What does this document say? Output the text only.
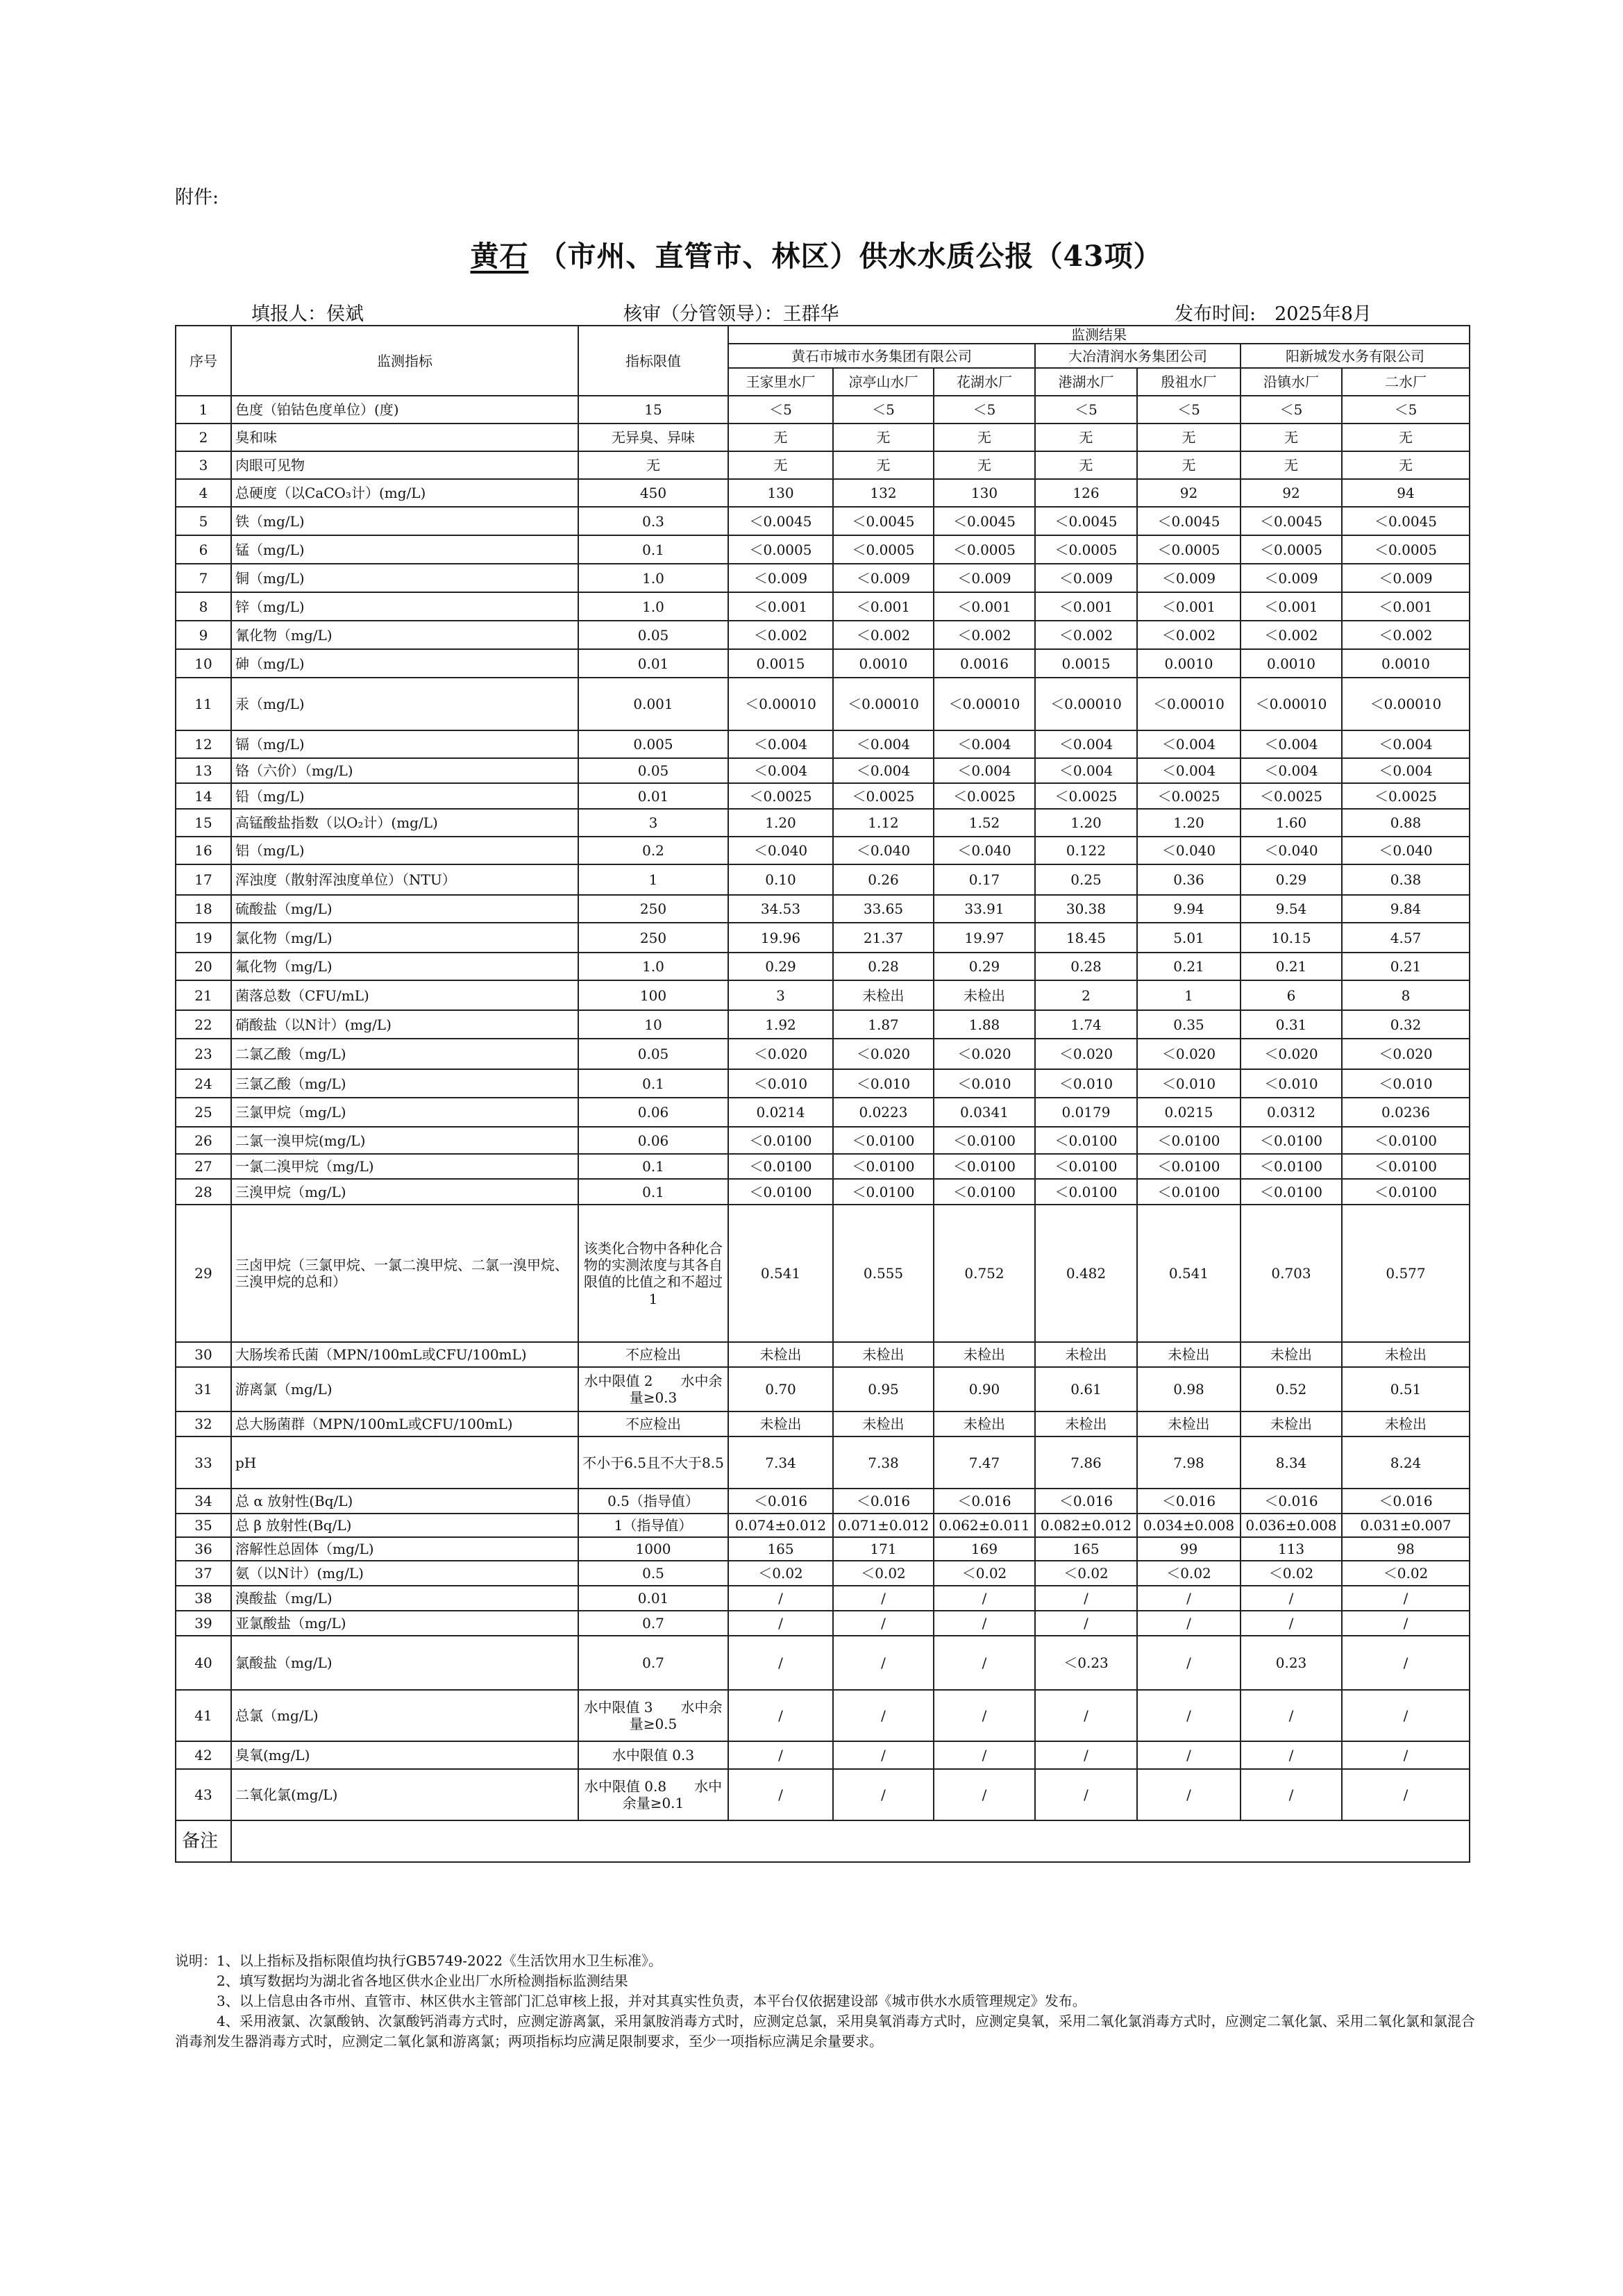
附件:
黄石 （市州、直管市、林区）供水水质公报（43项）
填报人：侯斌	核审（分管领导）：王群华	发布时间:　2025年8月
序号	监测指标	指标限值	监测结果						
			黄石市城市水务集团有限公司			大冶清润水务集团公司		阳新城发水务有限公司	
			王家里水厂	凉亭山水厂	花湖水厂	港湖水厂	殷祖水厂	沿镇水厂	二水厂
1	色度（铂钴色度单位）(度)	15	＜5	＜5	＜5	＜5	＜5	＜5	＜5
2	臭和味	无异臭、异味	无	无	无	无	无	无	无
3	肉眼可见物	无	无	无	无	无	无	无	无
4	总硬度（以CaCO₃计）(mg/L)	450	130	132	130	126	92	92	94
5	铁（mg/L)	0.3	＜0.0045	＜0.0045	＜0.0045	＜0.0045	＜0.0045	＜0.0045	＜0.0045
6	锰（mg/L)	0.1	＜0.0005	＜0.0005	＜0.0005	＜0.0005	＜0.0005	＜0.0005	＜0.0005
7	铜（mg/L)	1.0	＜0.009	＜0.009	＜0.009	＜0.009	＜0.009	＜0.009	＜0.009
8	锌（mg/L)	1.0	＜0.001	＜0.001	＜0.001	＜0.001	＜0.001	＜0.001	＜0.001
9	氰化物（mg/L)	0.05	＜0.002	＜0.002	＜0.002	＜0.002	＜0.002	＜0.002	＜0.002
10	砷（mg/L)	0.01	0.0015	0.0010	0.0016	0.0015	0.0010	0.0010	0.0010
11	汞（mg/L)	0.001	＜0.00010	＜0.00010	＜0.00010	＜0.00010	＜0.00010	＜0.00010	＜0.00010
12	镉（mg/L)	0.005	＜0.004	＜0.004	＜0.004	＜0.004	＜0.004	＜0.004	＜0.004
13	铬（六价）（mg/L)	0.05	＜0.004	＜0.004	＜0.004	＜0.004	＜0.004	＜0.004	＜0.004
14	铅（mg/L)	0.01	＜0.0025	＜0.0025	＜0.0025	＜0.0025	＜0.0025	＜0.0025	＜0.0025
15	高锰酸盐指数（以O₂计）(mg/L)	3	1.20	1.12	1.52	1.20	1.20	1.60	0.88
16	铝（mg/L)	0.2	＜0.040	＜0.040	＜0.040	0.122	＜0.040	＜0.040	＜0.040
17	浑浊度（散射浑浊度单位）（NTU）	1	0.10	0.26	0.17	0.25	0.36	0.29	0.38
18	硫酸盐（mg/L)	250	34.53	33.65	33.91	30.38	9.94	9.54	9.84
19	氯化物（mg/L)	250	19.96	21.37	19.97	18.45	5.01	10.15	4.57
20	氟化物（mg/L)	1.0	0.29	0.28	0.29	0.28	0.21	0.21	0.21
21	菌落总数（CFU/mL)	100	3	未检出	未检出	2	1	6	8
22	硝酸盐（以N计）(mg/L)	10	1.92	1.87	1.88	1.74	0.35	0.31	0.32
23	二氯乙酸（mg/L)	0.05	＜0.020	＜0.020	＜0.020	＜0.020	＜0.020	＜0.020	＜0.020
24	三氯乙酸（mg/L)	0.1	＜0.010	＜0.010	＜0.010	＜0.010	＜0.010	＜0.010	＜0.010
25	三氯甲烷（mg/L)	0.06	0.0214	0.0223	0.0341	0.0179	0.0215	0.0312	0.0236
26	二氯一溴甲烷(mg/L)	0.06	＜0.0100	＜0.0100	＜0.0100	＜0.0100	＜0.0100	＜0.0100	＜0.0100
27	一氯二溴甲烷（mg/L)	0.1	＜0.0100	＜0.0100	＜0.0100	＜0.0100	＜0.0100	＜0.0100	＜0.0100
28	三溴甲烷（mg/L)	0.1	＜0.0100	＜0.0100	＜0.0100	＜0.0100	＜0.0100	＜0.0100	＜0.0100
29	三卤甲烷（三氯甲烷、一氯二溴甲烷、二氯一溴甲烷、三溴甲烷的总和）	该类化合物中各种化合物的实测浓度与其各自限值的比值之和不超过1	0.541	0.555	0.752	0.482	0.541	0.703	0.577
30	大肠埃希氏菌（MPN/100mL或CFU/100mL)	不应检出	未检出	未检出	未检出	未检出	未检出	未检出	未检出
31	游离氯（mg/L)	水中限值 2　　水中余量≥0.3	0.70	0.95	0.90	0.61	0.98	0.52	0.51
32	总大肠菌群（MPN/100mL或CFU/100mL)	不应检出	未检出	未检出	未检出	未检出	未检出	未检出	未检出
33	pH	不小于6.5且不大于8.5	7.34	7.38	7.47	7.86	7.98	8.34	8.24
34	总 α 放射性(Bq/L)	0.5（指导值）	＜0.016	＜0.016	＜0.016	＜0.016	＜0.016	＜0.016	＜0.016
35	总 β 放射性(Bq/L)	1（指导值）	0.074±0.012	0.071±0.012	0.062±0.011	0.082±0.012	0.034±0.008	0.036±0.008	0.031±0.007
36	溶解性总固体（mg/L)	1000	165	171	169	165	99	113	98
37	氨（以N计）(mg/L)	0.5	＜0.02	＜0.02	＜0.02	＜0.02	＜0.02	＜0.02	＜0.02
38	溴酸盐（mg/L)	0.01	/	/	/	/	/	/	/
39	亚氯酸盐（mg/L)	0.7	/	/	/	/	/	/	/
40	氯酸盐（mg/L)	0.7	/	/	/	＜0.23	/	0.23	/
41	总氯（mg/L)	水中限值 3　　水中余量≥0.5	/	/	/	/	/	/	/
42	臭氧(mg/L)	水中限值 0.3	/	/	/	/	/	/	/
43	二氧化氯(mg/L)	水中限值 0.8　　水中余量≥0.1	/	/	/	/	/	/	/
备注									
说明：1、以上指标及指标限值均执行GB5749-2022《生活饮用水卫生标准》。
　　　2、填写数据均为湖北省各地区供水企业出厂水所检测指标监测结果
　　　3、以上信息由各市州、直管市、林区供水主管部门汇总审核上报，并对其真实性负责，本平台仅依据建设部《城市供水水质管理规定》发布。
　　　4、采用液氯、次氯酸钠、次氯酸钙消毒方式时，应测定游离氯，采用氯胺消毒方式时，应测定总氯，采用臭氧消毒方式时，应测定臭氧，采用二氧化氯消毒方式时，应测定二氧化氯、采用二氧化氯和氯混合消毒剂发生器消毒方式时，应测定二氧化氯和游离氯；两项指标均应满足限制要求，至少一项指标应满足余量要求。
